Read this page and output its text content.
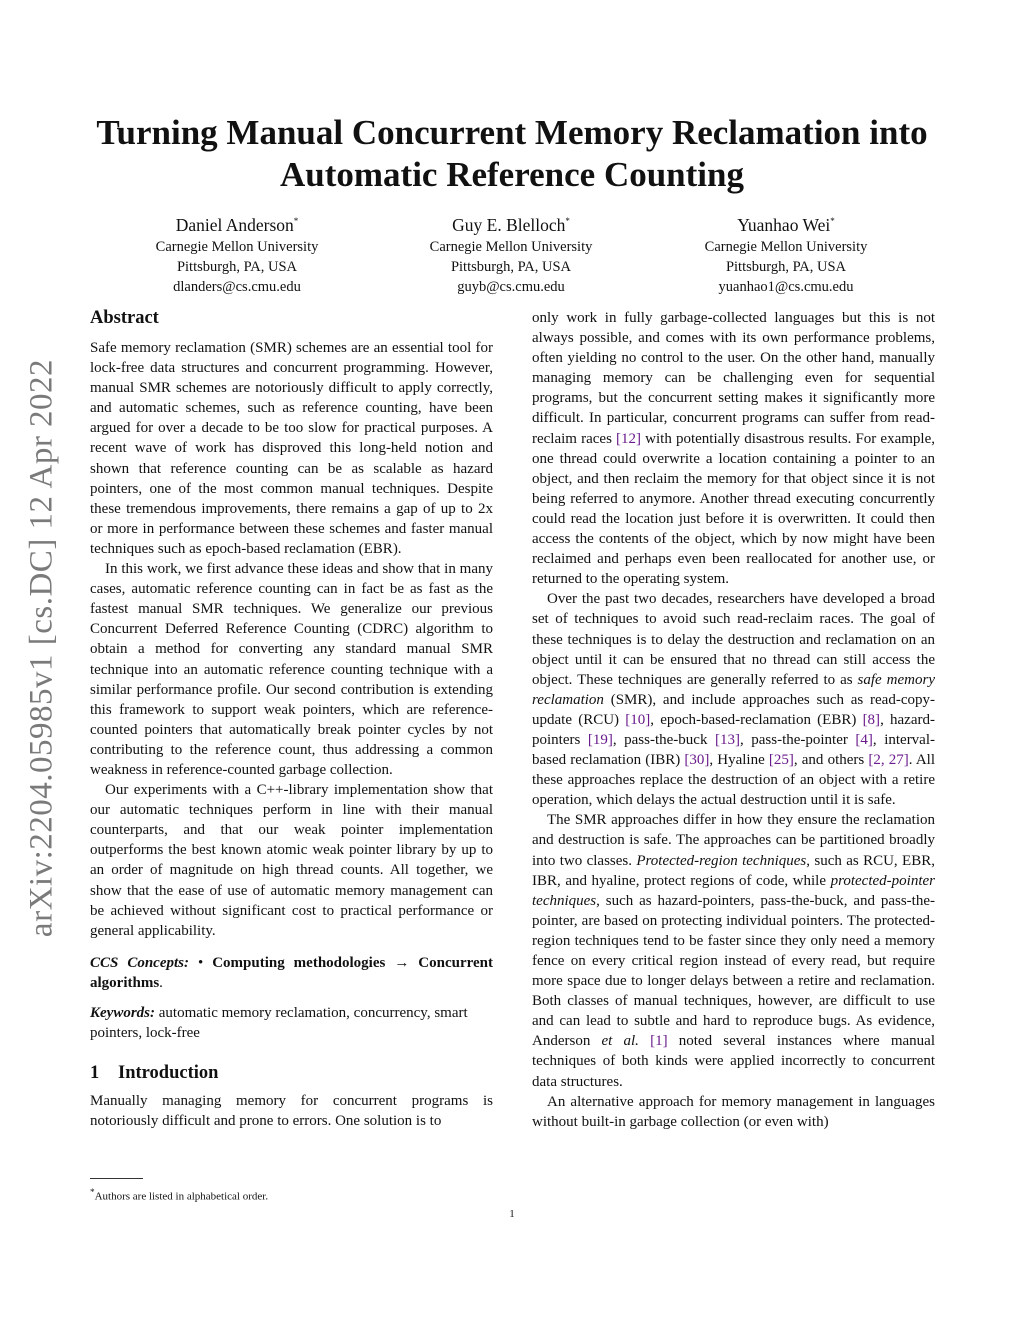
arXiv:2204.05985v1 [cs.DC] 12 Apr 2022
Turning Manual Concurrent Memory Reclamation into Automatic Reference Counting
Daniel Anderson*
Carnegie Mellon University
Pittsburgh, PA, USA
dlanders@cs.cmu.edu
Guy E. Blelloch*
Carnegie Mellon University
Pittsburgh, PA, USA
guyb@cs.cmu.edu
Yuanhao Wei*
Carnegie Mellon University
Pittsburgh, PA, USA
yuanhao1@cs.cmu.edu
Abstract

Safe memory reclamation (SMR) schemes are an essential tool for lock-free data structures and concurrent programming. However, manual SMR schemes are notoriously difficult to apply correctly, and automatic schemes, such as reference counting, have been argued for over a decade to be too slow for practical purposes. A recent wave of work has disproved this long-held notion and shown that reference counting can be as scalable as hazard pointers, one of the most common manual techniques. Despite these tremendous improvements, there remains a gap of up to 2x or more in performance between these schemes and faster manual techniques such as epoch-based reclamation (EBR).

In this work, we first advance these ideas and show that in many cases, automatic reference counting can in fact be as fast as the fastest manual SMR techniques. We generalize our previous Concurrent Deferred Reference Counting (CDRC) algorithm to obtain a method for converting any standard manual SMR technique into an automatic reference counting technique with a similar performance profile. Our second contribution is extending this framework to support weak pointers, which are reference-counted pointers that automatically break pointer cycles by not contributing to the reference count, thus addressing a common weakness in reference-counted garbage collection.

Our experiments with a C++-library implementation show that our automatic techniques perform in line with their manual counterparts, and that our weak pointer implementation outperforms the best known atomic weak pointer library by up to an order of magnitude on high thread counts. All together, we show that the ease of use of automatic memory management can be achieved without significant cost to practical performance or general applicability.

CCS Concepts: • Computing methodologies → Concurrent algorithms.

Keywords: automatic memory reclamation, concurrency, smart pointers, lock-free

1 Introduction

Manually managing memory for concurrent programs is notoriously difficult and prone to errors. One solution is to

only work in fully garbage-collected languages but this is not always possible, and comes with its own performance problems, often yielding no control to the user. On the other hand, manually managing memory can be challenging even for sequential programs, but the concurrent setting makes it significantly more difficult. In particular, concurrent programs can suffer from read-reclaim races [12] with potentially disastrous results. For example, one thread could overwrite a location containing a pointer to an object, and then reclaim the memory for that object since it is not being referred to anymore. Another thread executing concurrently could read the location just before it is overwritten. It could then access the contents of the object, which by now might have been reclaimed and perhaps even been reallocated for another use, or returned to the operating system.

Over the past two decades, researchers have developed a broad set of techniques to avoid such read-reclaim races. The goal of these techniques is to delay the destruction and reclamation on an object until it can be ensured that no thread can still access the object. These techniques are generally referred to as safe memory reclamation (SMR), and include approaches such as read-copy-update (RCU) [10], epoch-based-reclamation (EBR) [8], hazard-pointers [19], pass-the-buck [13], pass-the-pointer [4], interval-based reclamation (IBR) [30], Hyaline [25], and others [2, 27]. All these approaches replace the destruction of an object with a retire operation, which delays the actual destruction until it is safe.

The SMR approaches differ in how they ensure the reclamation and destruction is safe. The approaches can be partitioned broadly into two classes. Protected-region techniques, such as RCU, EBR, IBR, and hyaline, protect regions of code, while protected-pointer techniques, such as hazard-pointers, pass-the-buck, and pass-the-pointer, are based on protecting individual pointers. The protected-region techniques tend to be faster since they only need a memory fence on every critical region instead of every read, but require more space due to longer delays between a retire and reclamation. Both classes of manual techniques, however, are difficult to use and can lead to subtle and hard to reproduce bugs. As evidence, Anderson et al. [1] noted several instances where manual techniques of both kinds were applied incorrectly to concurrent data structures.

An alternative approach for memory management in languages without built-in garbage collection (or even with)

*Authors are listed in alphabetical order.
1
